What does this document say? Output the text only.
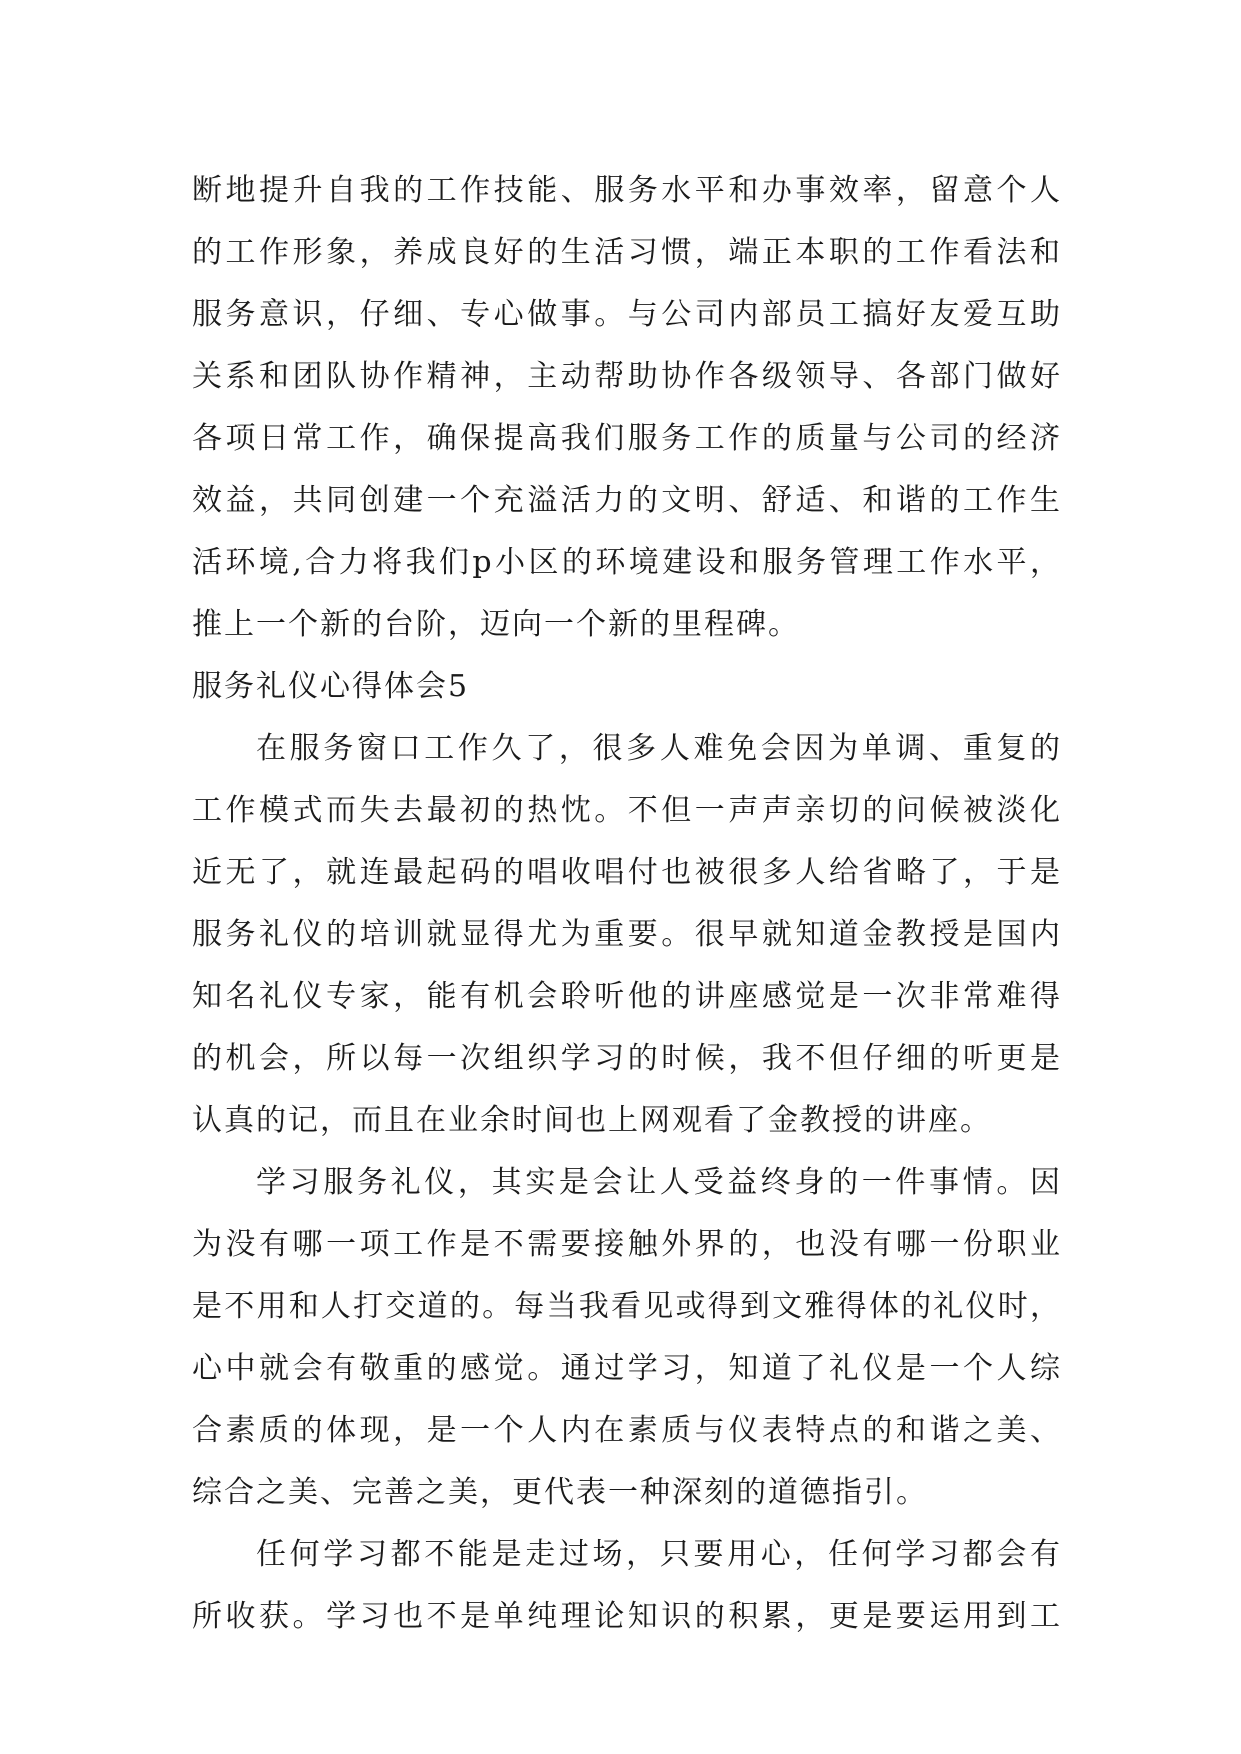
断地提升自我的工作技能、服务水平和办事效率，留意个人
的工作形象，养成良好的生活习惯，端正本职的工作看法和
服务意识，仔细、专心做事。与公司内部员工搞好友爱互助
关系和团队协作精神，主动帮助协作各级领导、各部门做好
各项日常工作，确保提高我们服务工作的质量与公司的经济
效益，共同创建一个充溢活力的文明、舒适、和谐的工作生
活环境,合力将我们p小区的环境建设和服务管理工作水平，
推上一个新的台阶，迈向一个新的里程碑。
服务礼仪心得体会5
在服务窗口工作久了，很多人难免会因为单调、重复的
工作模式而失去最初的热忱。不但一声声亲切的问候被淡化
近无了，就连最起码的唱收唱付也被很多人给省略了，于是
服务礼仪的培训就显得尤为重要。很早就知道金教授是国内
知名礼仪专家，能有机会聆听他的讲座感觉是一次非常难得
的机会，所以每一次组织学习的时候，我不但仔细的听更是
认真的记，而且在业余时间也上网观看了金教授的讲座。
学习服务礼仪，其实是会让人受益终身的一件事情。因
为没有哪一项工作是不需要接触外界的，也没有哪一份职业
是不用和人打交道的。每当我看见或得到文雅得体的礼仪时，
心中就会有敬重的感觉。通过学习，知道了礼仪是一个人综
合素质的体现，是一个人内在素质与仪表特点的和谐之美、
综合之美、完善之美，更代表一种深刻的道德指引。
任何学习都不能是走过场，只要用心，任何学习都会有
所收获。学习也不是单纯理论知识的积累，更是要运用到工
